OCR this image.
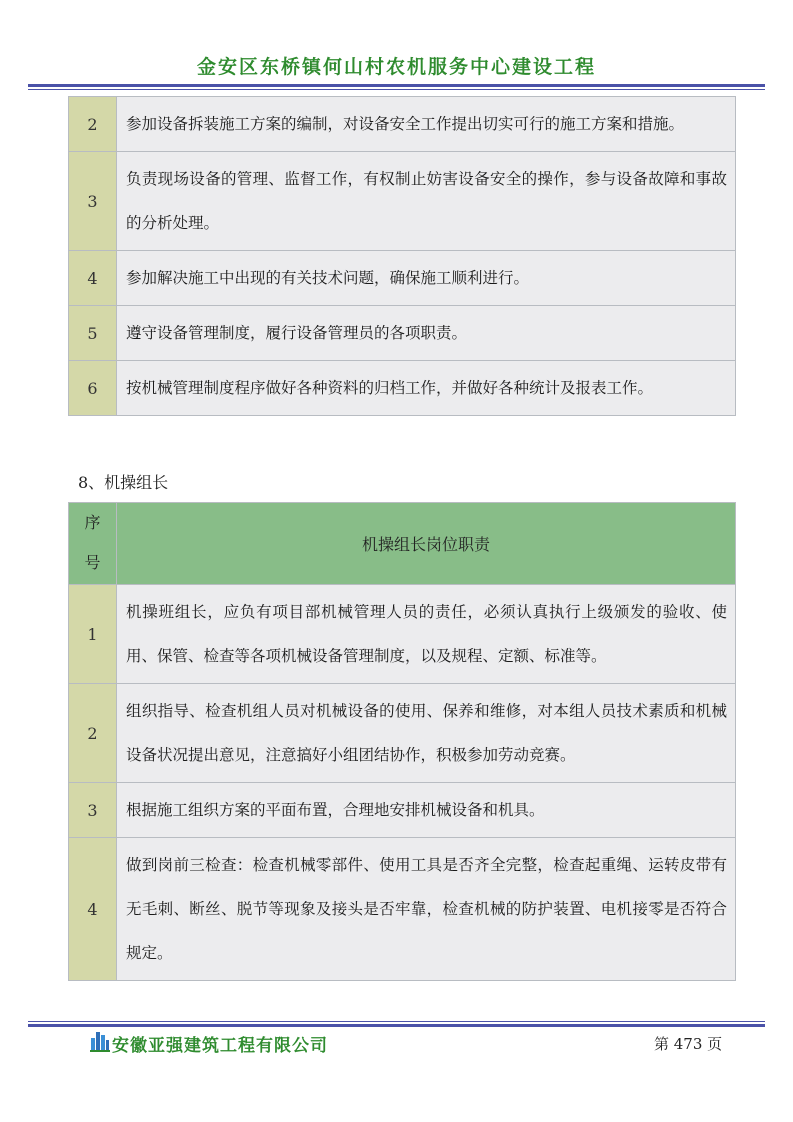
金安区东桥镇何山村农机服务中心建设工程
2	参加设备拆装施工方案的编制，对设备安全工作提出切实可行的施工方案和措施。
3	负责现场设备的管理、监督工作，有权制止妨害设备安全的操作，参与设备故障和事故的分析处理。
4	参加解决施工中出现的有关技术问题，确保施工顺利进行。
5	遵守设备管理制度，履行设备管理员的各项职责。
6	按机械管理制度程序做好各种资料的归档工作，并做好各种统计及报表工作。
8、机操组长
序号	机操组长岗位职责
1	机操班组长，应负有项目部机械管理人员的责任，必须认真执行上级颁发的验收、使用、保管、检查等各项机械设备管理制度，以及规程、定额、标准等。
2	组织指导、检查机组人员对机械设备的使用、保养和维修，对本组人员技术素质和机械设备状况提出意见，注意搞好小组团结协作，积极参加劳动竞赛。
3	根据施工组织方案的平面布置，合理地安排机械设备和机具。
4	做到岗前三检查：检查机械零部件、使用工具是否齐全完整，检查起重绳、运转皮带有无毛刺、断丝、脱节等现象及接头是否牢靠，检查机械的防护装置、电机接零是否符合规定。
安徽亚强建筑工程有限公司	第 473 页
